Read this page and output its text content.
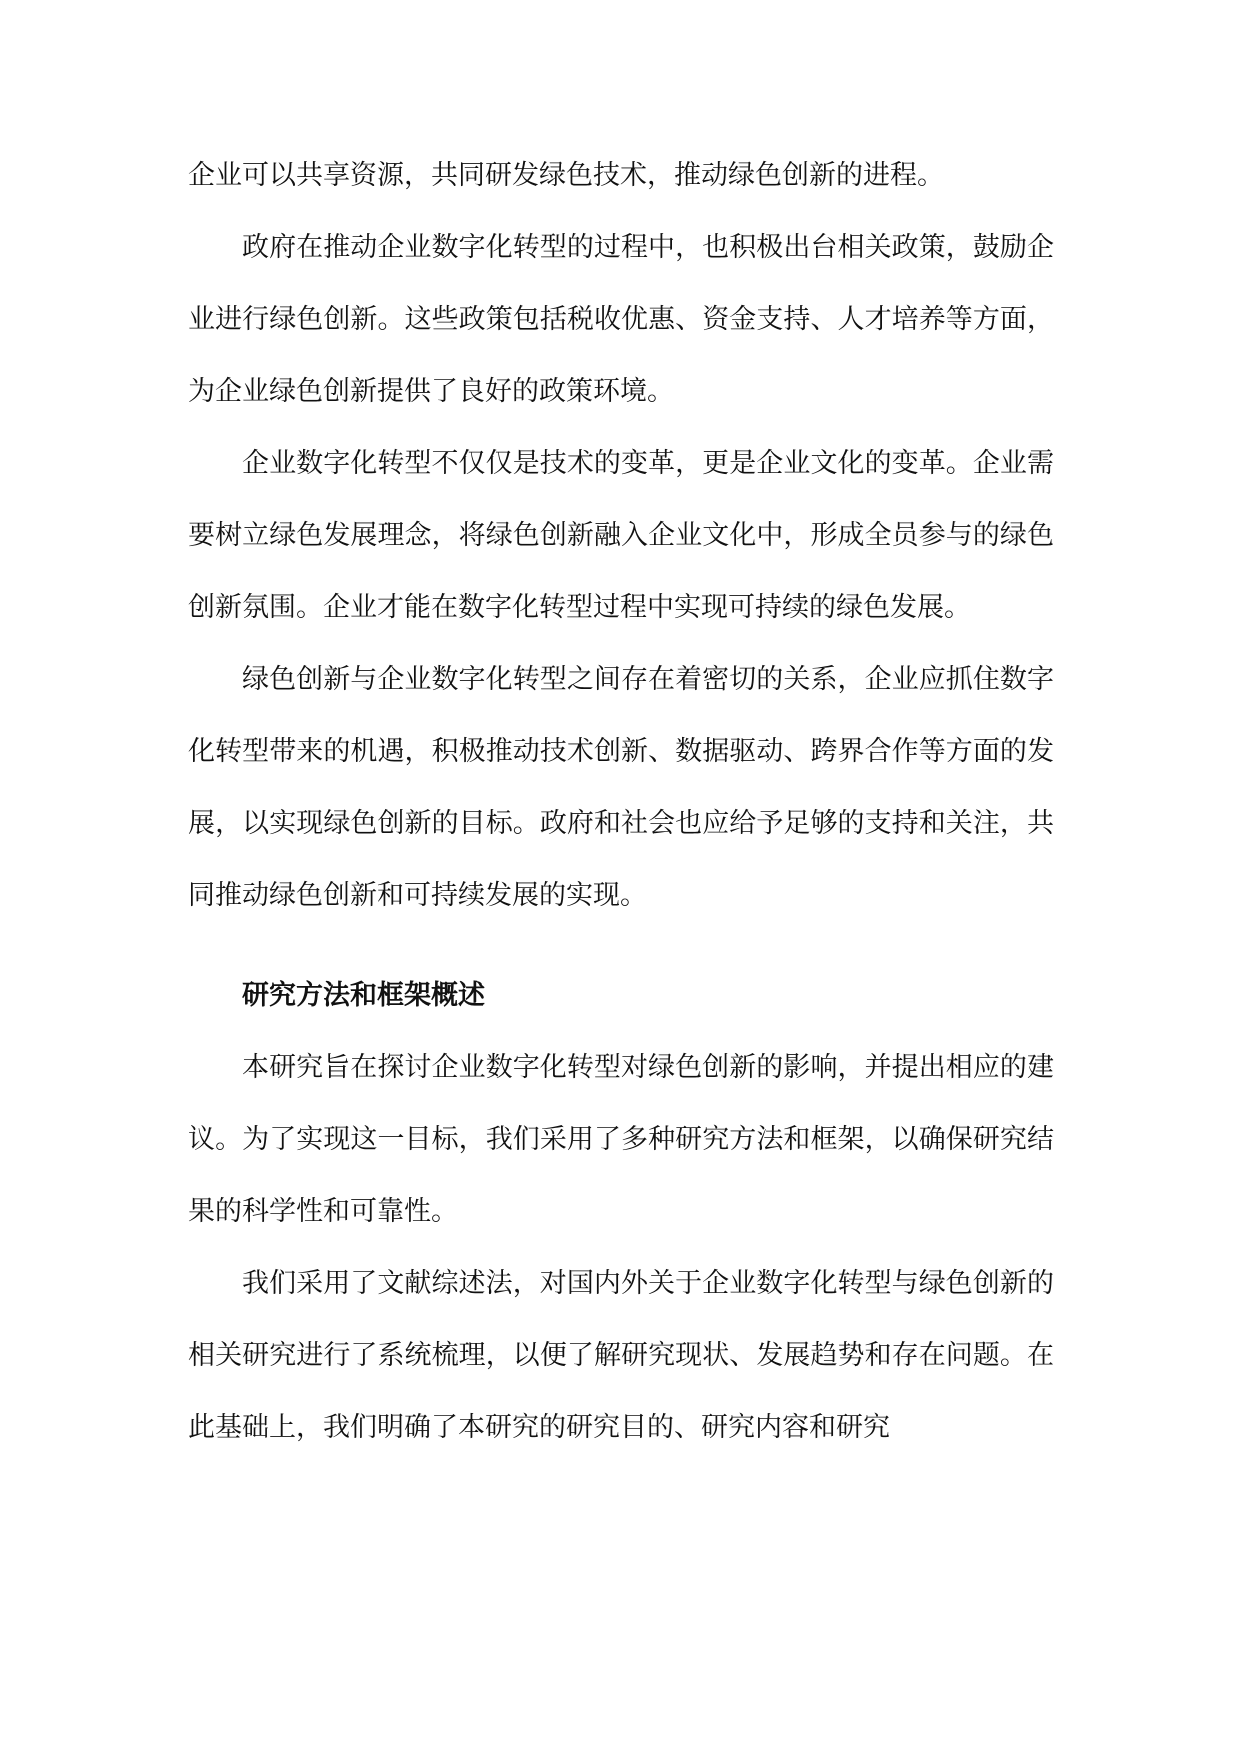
企业可以共享资源，共同研发绿色技术，推动绿色创新的进程。

政府在推动企业数字化转型的过程中，也积极出台相关政策，鼓励企业进行绿色创新。这些政策包括税收优惠、资金支持、人才培养等方面，为企业绿色创新提供了良好的政策环境。

企业数字化转型不仅仅是技术的变革，更是企业文化的变革。企业需要树立绿色发展理念，将绿色创新融入企业文化中，形成全员参与的绿色创新氛围。企业才能在数字化转型过程中实现可持续的绿色发展。

绿色创新与企业数字化转型之间存在着密切的关系，企业应抓住数字化转型带来的机遇，积极推动技术创新、数据驱动、跨界合作等方面的发展，以实现绿色创新的目标。政府和社会也应给予足够的支持和关注，共同推动绿色创新和可持续发展的实现。

研究方法和框架概述

本研究旨在探讨企业数字化转型对绿色创新的影响，并提出相应的建议。为了实现这一目标，我们采用了多种研究方法和框架，以确保研究结果的科学性和可靠性。

我们采用了文献综述法，对国内外关于企业数字化转型与绿色创新的相关研究进行了系统梳理，以便了解研究现状、发展趋势和存在问题。在此基础上，我们明确了本研究的研究目的、研究内容和研究
